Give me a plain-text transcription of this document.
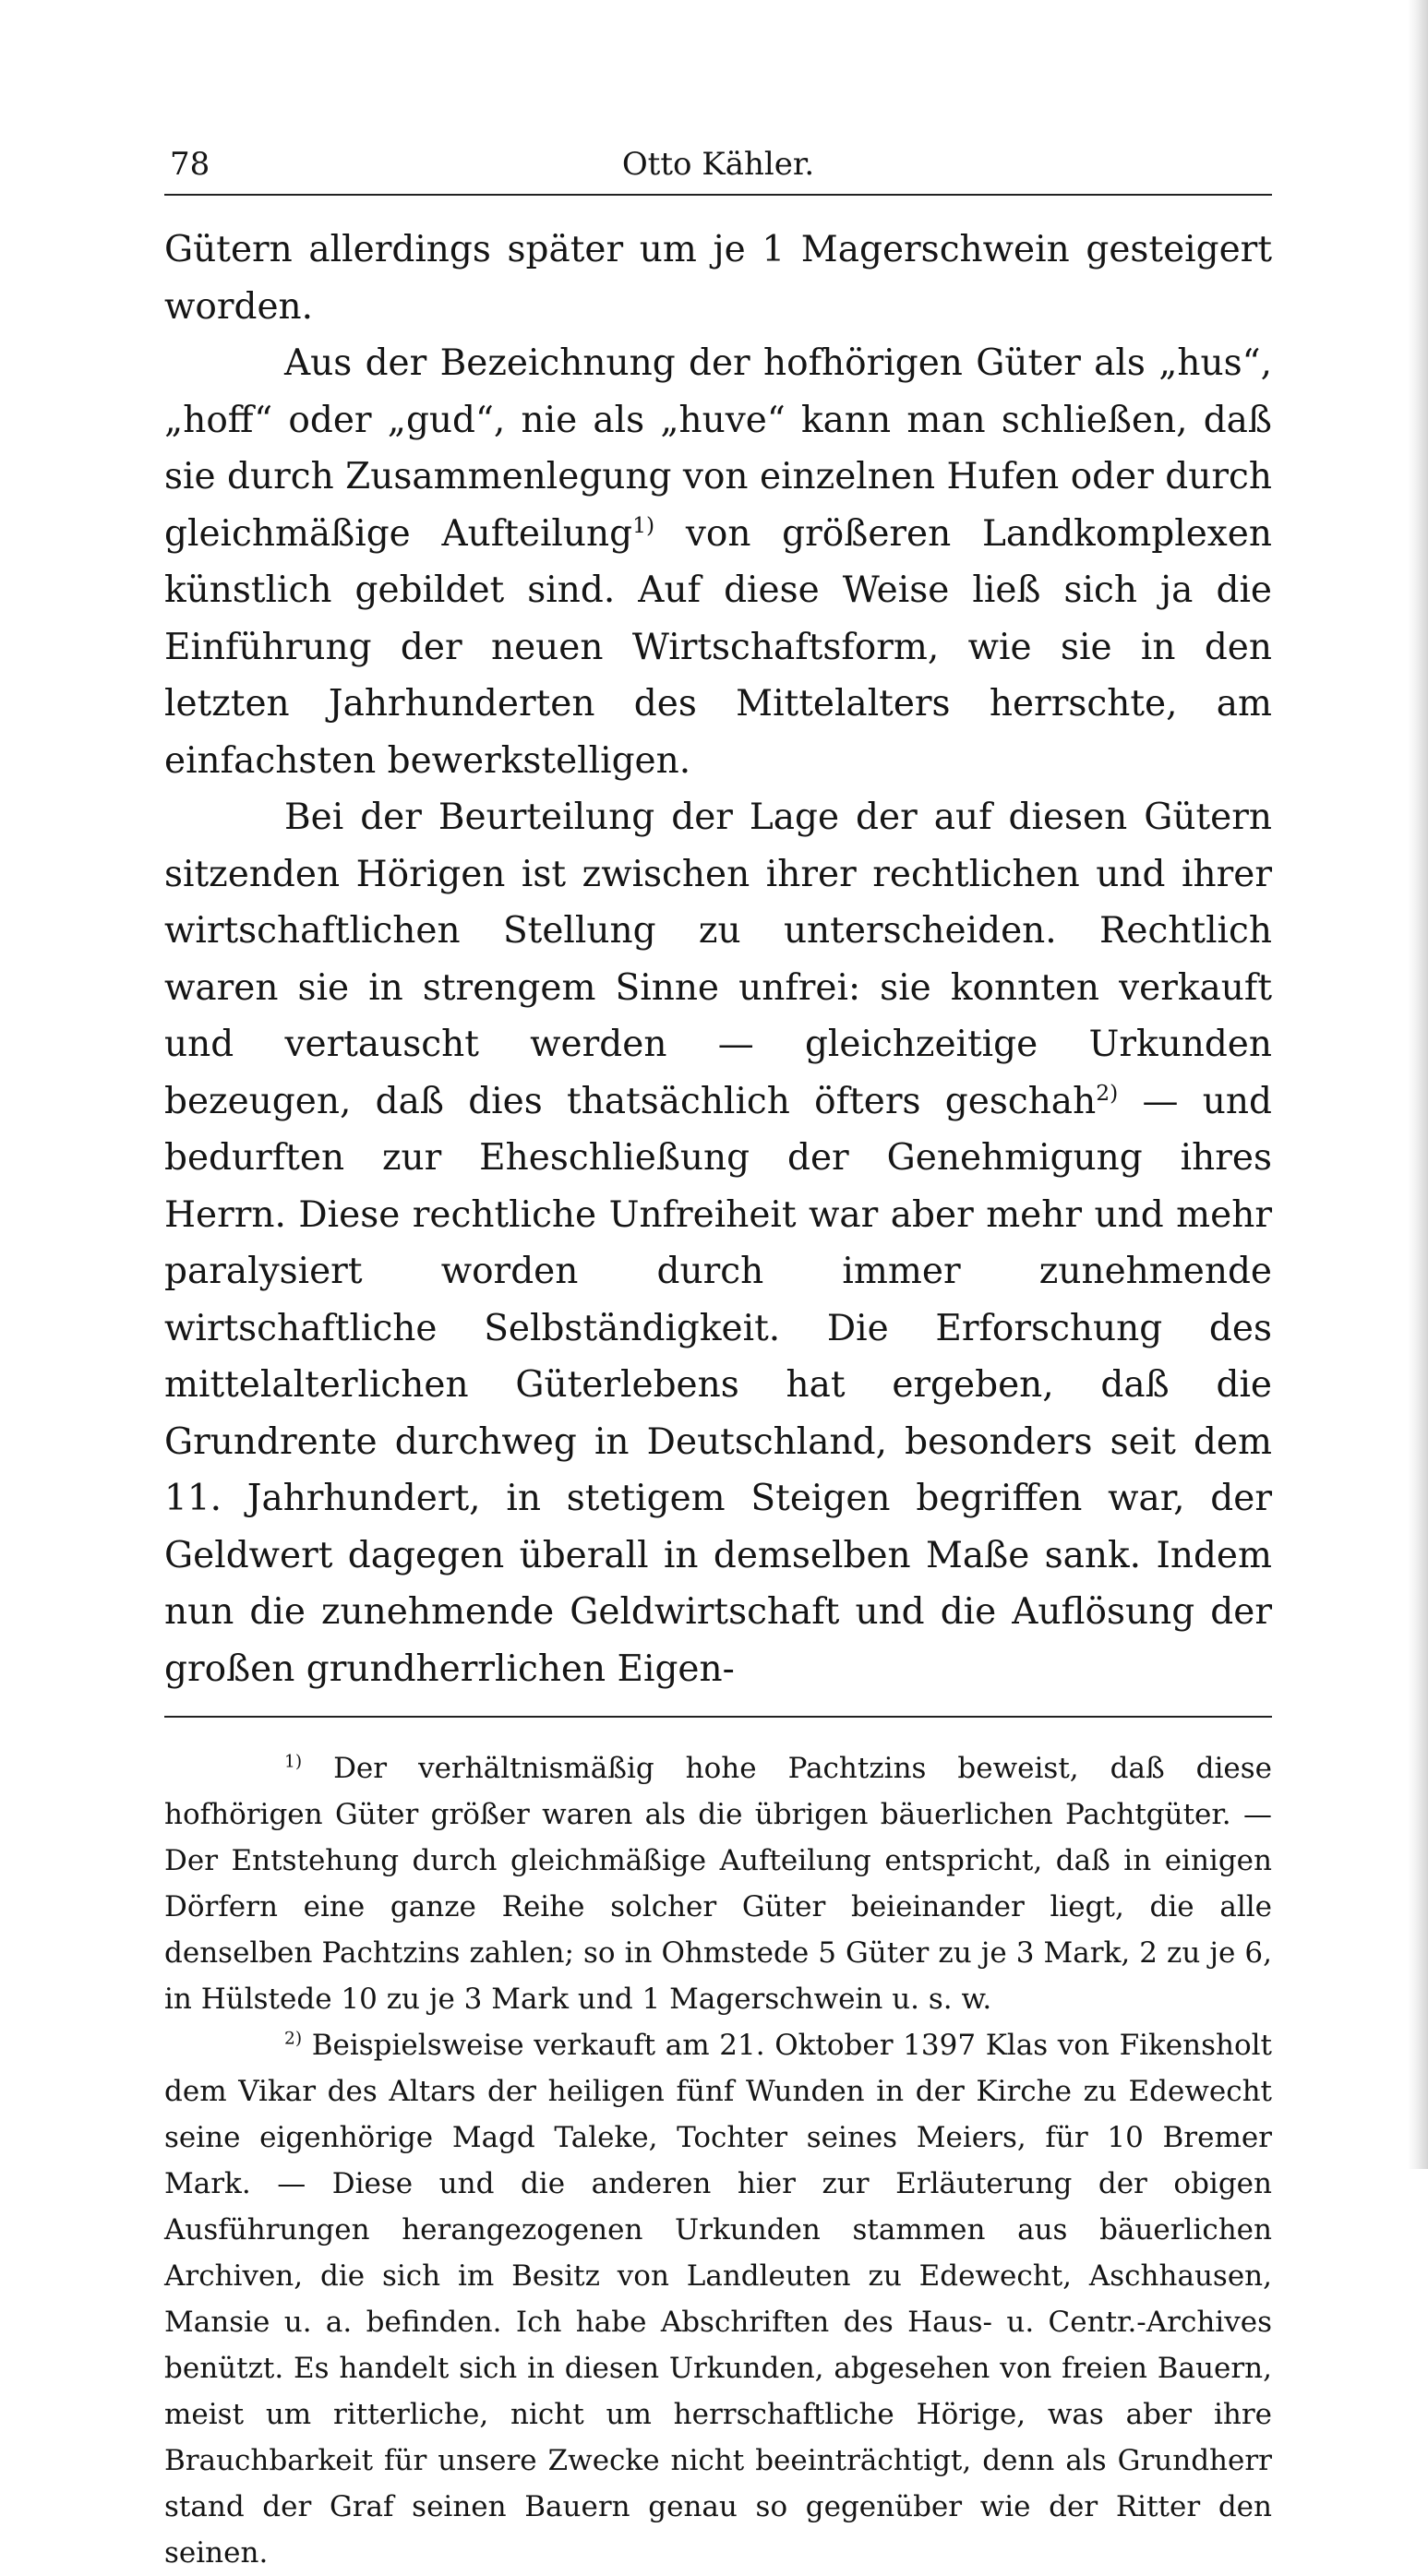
78	Otto Kähler.

Gütern allerdings später um je 1 Magerschwein gesteigert worden.

Aus der Bezeichnung der hofhörigen Güter als „hus“, „hoff“ oder „gud“, nie als „huve“ kann man schließen, daß sie durch Zusammenlegung von einzelnen Hufen oder durch gleichmäßige Aufteilung$^{1)}$ von größeren Landkomplexen künstlich gebildet sind. Auf diese Weise ließ sich ja die Einführung der neuen Wirtschaftsform, wie sie in den letzten Jahrhunderten des Mittelalters herrschte, am einfachsten bewerkstelligen.

Bei der Beurteilung der Lage der auf diesen Gütern sitzenden Hörigen ist zwischen ihrer rechtlichen und ihrer wirtschaftlichen Stellung zu unterscheiden. Rechtlich waren sie in strengem Sinne unfrei: sie konnten verkauft und vertauscht werden — gleichzeitige Urkunden bezeugen, daß dies thatsächlich öfters geschah$^{2)}$ — und bedurften zur Eheschließung der Genehmigung ihres Herrn. Diese rechtliche Unfreiheit war aber mehr und mehr paralysiert worden durch immer zunehmende wirtschaftliche Selbständigkeit. Die Erforschung des mittelalterlichen Güterlebens hat ergeben, daß die Grundrente durchweg in Deutschland, besonders seit dem 11. Jahrhundert, in stetigem Steigen begriffen war, der Geldwert dagegen überall in demselben Maße sank. Indem nun die zunehmende Geldwirtschaft und die Auflösung der großen grundherrlichen Eigen-

$^{1)}$ Der verhältnismäßig hohe Pachtzins beweist, daß diese hofhörigen Güter größer waren als die übrigen bäuerlichen Pachtgüter. — Der Entstehung durch gleichmäßige Aufteilung entspricht, daß in einigen Dörfern eine ganze Reihe solcher Güter beieinander liegt, die alle denselben Pachtzins zahlen; so in Ohmstede 5 Güter zu je 3 Mark, 2 zu je 6, in Hülstede 10 zu je 3 Mark und 1 Magerschwein u. s. w.

$^{2)}$ Beispielsweise verkauft am 21. Oktober 1397 Klas von Fikensholt dem Vikar des Altars der heiligen fünf Wunden in der Kirche zu Edewecht seine eigenhörige Magd Taleke, Tochter seines Meiers, für 10 Bremer Mark. — Diese und die anderen hier zur Erläuterung der obigen Ausführungen herangezogenen Urkunden stammen aus bäuerlichen Archiven, die sich im Besitz von Landleuten zu Edewecht, Aschhausen, Mansie u. a. befinden. Ich habe Abschriften des Haus- u. Centr.-Archives benützt. Es handelt sich in diesen Urkunden, abgesehen von freien Bauern, meist um ritterliche, nicht um herrschaftliche Hörige, was aber ihre Brauchbarkeit für unsere Zwecke nicht beeinträchtigt, denn als Grundherr stand der Graf seinen Bauern genau so gegenüber wie der Ritter den seinen.
